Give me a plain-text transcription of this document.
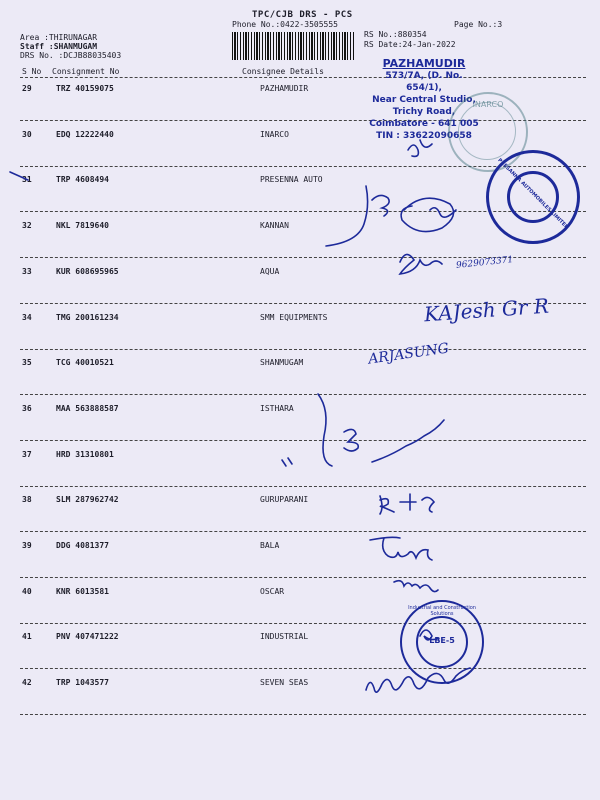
TPC/CJB DRS - PCS
Phone No.:0422-3505555	Page No.:3
RS No.:880354
RS Date:24-Jan-2022
Area :THIRUNAGAR
Staff :SHANMUGAM
DRS No. :DCJB88035403
S No Consignment No	Consignee Details
29	TRZ 40159075	PAZHAMUDIR
30	EDQ 12222440	INARCO
31	TRP 4608494	PRESENNA AUTO
32	NKL 7819640	KANNAN
33	KUR 608695965	AQUA
34	TMG 200161234	SMM EQUIPMENTS
35	TCG 40010521	SHANMUGAM
36	MAA 563888587	ISTHARA
37	HRD 31310801
38	SLM 287962742	GURUPARANI
39	DDG 4081377	BALA
40	KNR 6013581	OSCAR
41	PNV 407471222	INDUSTRIAL
42	TRP 1043577	SEVEN SEAS
PAZHAMUDIR
573/7A, (D. No. 654/1),
Near Central Studio,
Trichy Road,
Coimbatore - 641 005
TIN : 33622090658
INARCO
PRESANNA AUTOMOBILES LIMITED
Industrial and Construction Solutions
LBE-5
9629073371
KAJesh Gr R
ARJASUNG
